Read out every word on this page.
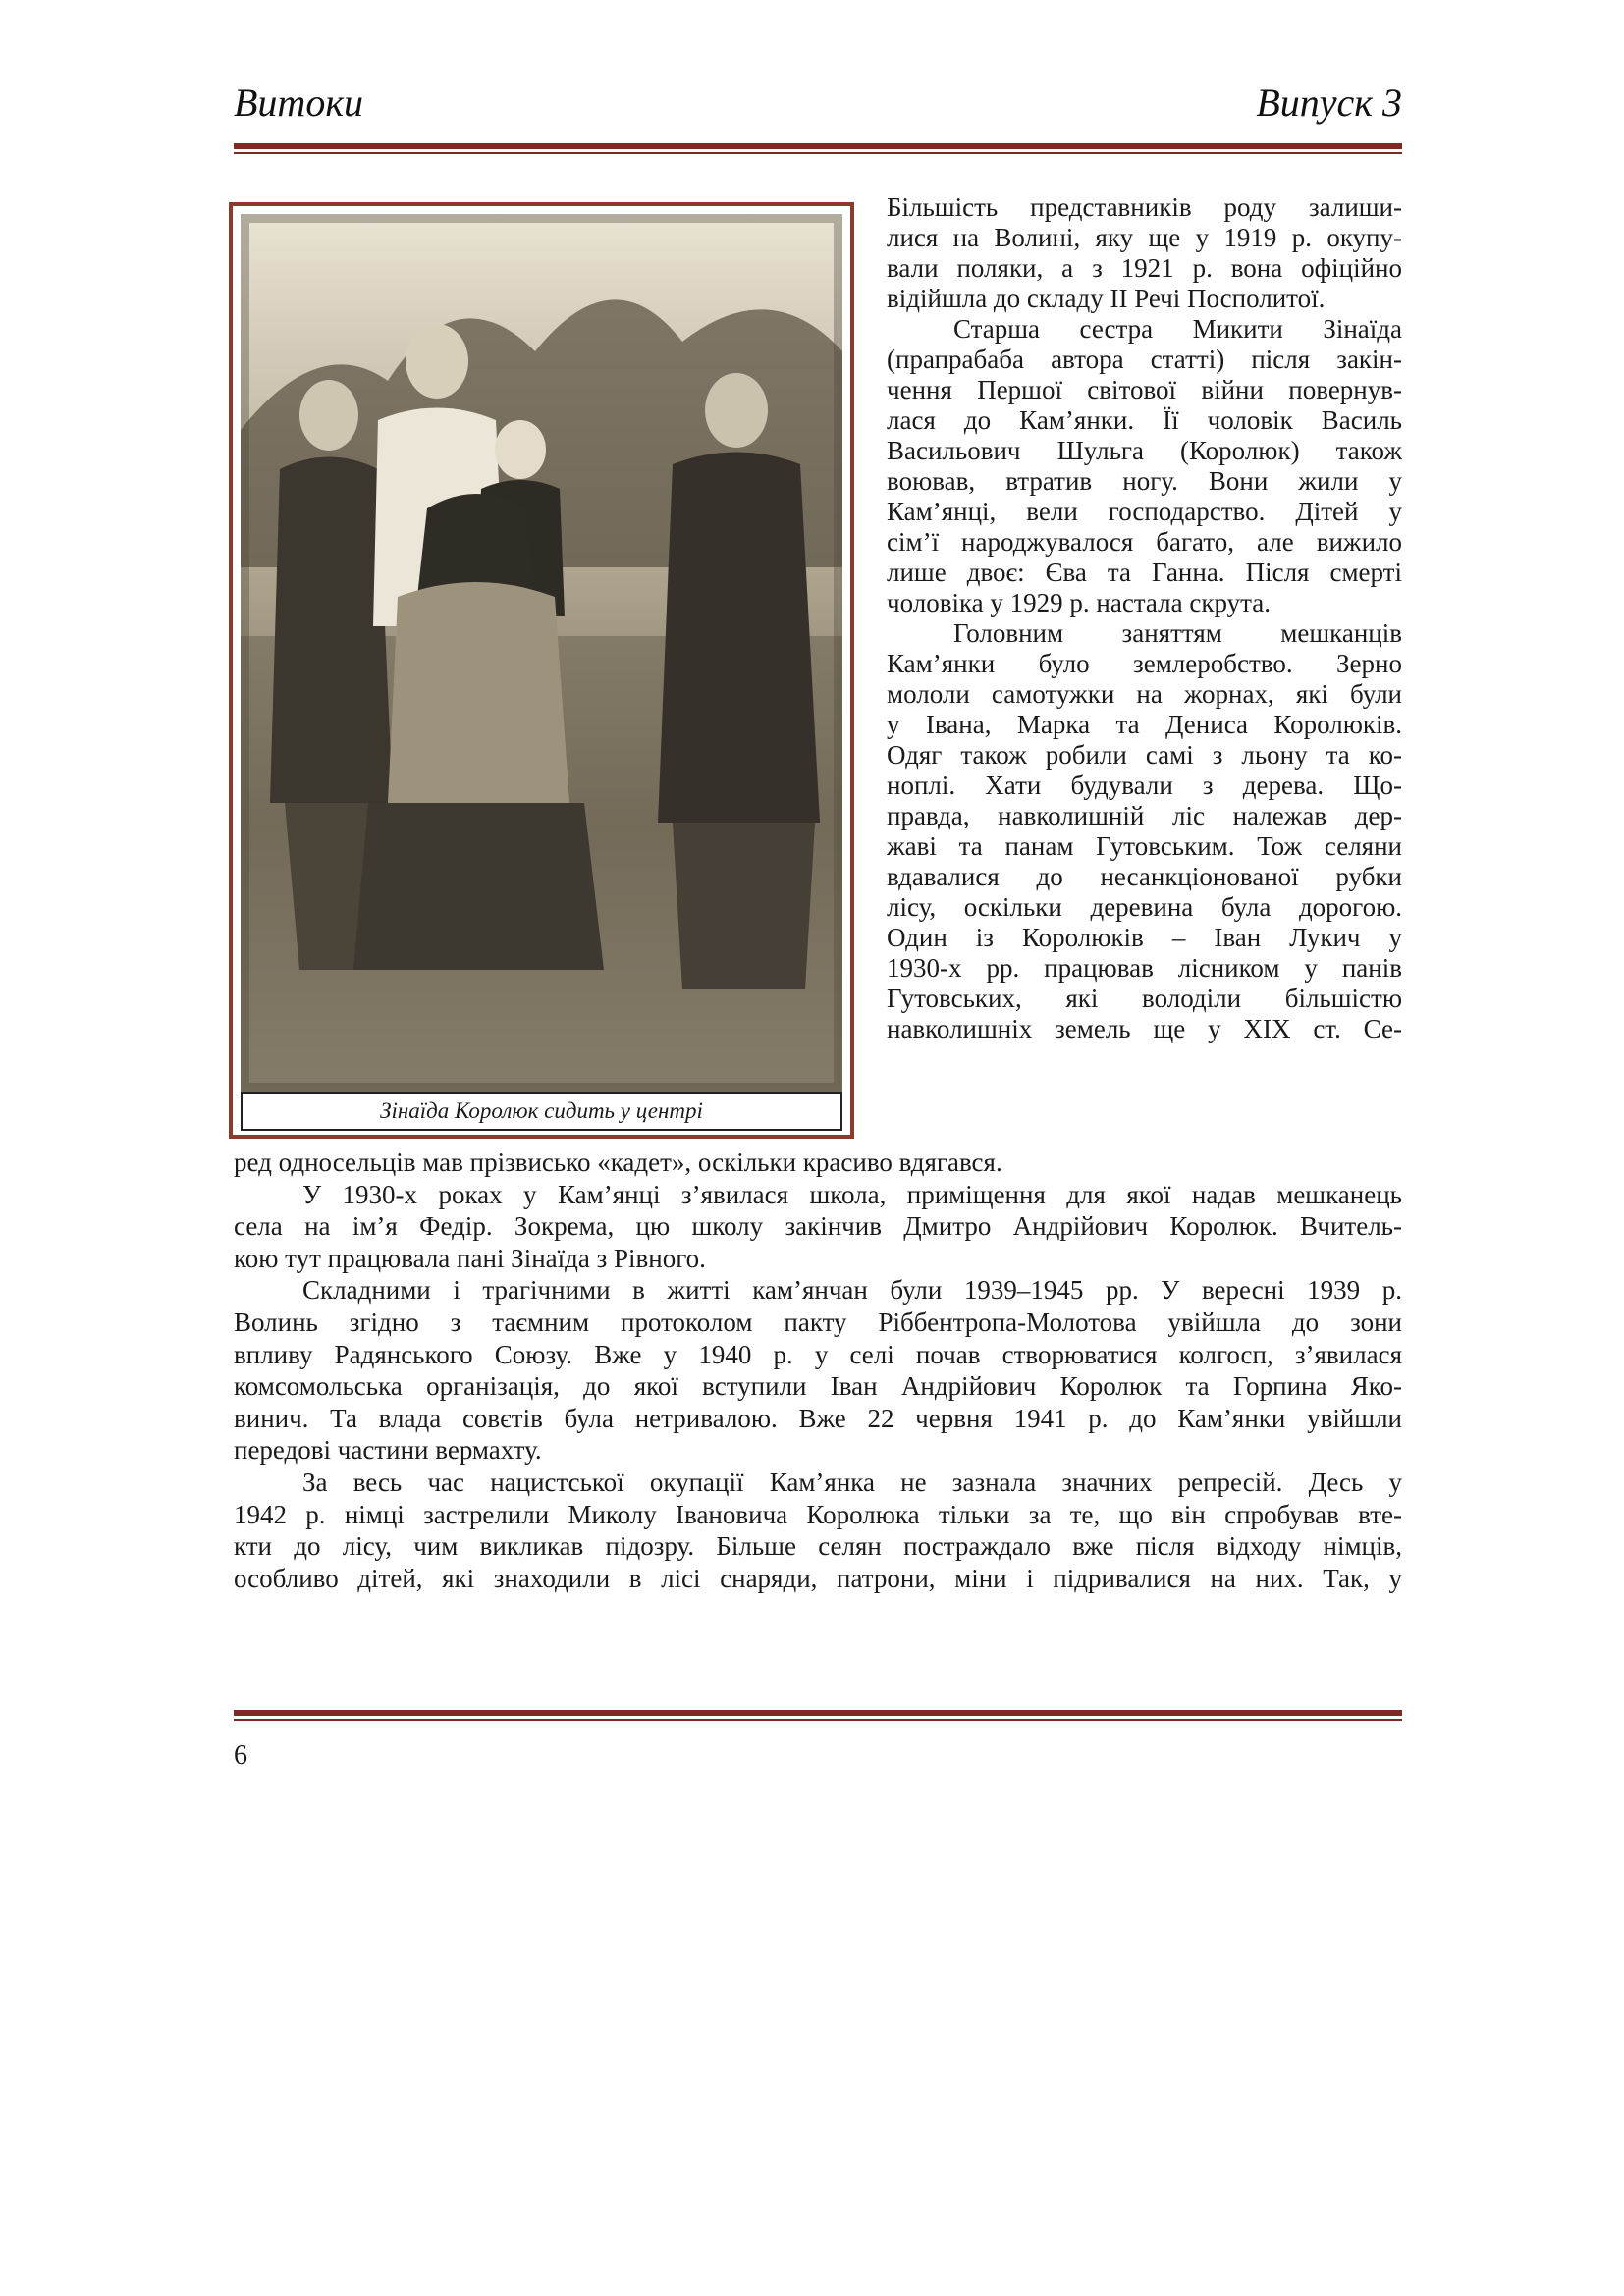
Витоки	Випуск 3
Зінаїда Королюк сидить у центрі
Більшість представників роду залиши-
лися на Волині, яку ще у 1919 р. окупу-
вали поляки, а з 1921 р. вона офіційно
відійшла до складу ІІ Речі Посполитої.
Старша сестра Микити Зінаїда
(прапрабаба автора статті) після закін-
чення Першої світової війни повернув-
лася до Кам’янки. Її чоловік Василь
Васильович Шульга (Королюк) також
воював, втратив ногу. Вони жили у
Кам’янці, вели господарство. Дітей у
сім’ї народжувалося багато, але вижило
лише двоє: Єва та Ганна. Після смерті
чоловіка у 1929 р. настала скрута.
Головним заняттям мешканців
Кам’янки було землеробство. Зерно
мололи самотужки на жорнах, які були
у Івана, Марка та Дениса Королюків.
Одяг також робили самі з льону та ко-
ноплі. Хати будували з дерева. Що-
правда, навколишній ліс належав дер-
жаві та панам Гутовським. Тож селяни
вдавалися до несанкціонованої рубки
лісу, оскільки деревина була дорогою.
Один із Королюків – Іван Лукич у
1930-х рр. працював лісником у панів
Гутовських, які володіли більшістю
навколишніх земель ще у ХІХ ст. Се-
ред односельців мав прізвисько «кадет», оскільки красиво вдягався.
У 1930-х роках у Кам’янці з’явилася школа, приміщення для якої надав мешканець
села на ім’я Федір. Зокрема, цю школу закінчив Дмитро Андрійович Королюк. Вчитель-
кою тут працювала пані Зінаїда з Рівного.
Складними і трагічними в житті кам’янчан були 1939–1945 рр. У вересні 1939 р.
Волинь згідно з таємним протоколом пакту Ріббентропа-Молотова увійшла до зони
впливу Радянського Союзу. Вже у 1940 р. у селі почав створюватися колгосп, з’явилася
комсомольська організація, до якої вступили Іван Андрійович Королюк та Горпина Яко-
винич. Та влада совєтів була нетривалою. Вже 22 червня 1941 р. до Кам’янки увійшли
передові частини вермахту.
За весь час нацистської окупації Кам’янка не зазнала значних репресій. Десь у
1942 р. німці застрелили Миколу Івановича Королюка тільки за те, що він спробував вте-
кти до лісу, чим викликав підозру. Більше селян постраждало вже після відходу німців,
особливо дітей, які знаходили в лісі снаряди, патрони, міни і підривалися на них. Так, у
6
